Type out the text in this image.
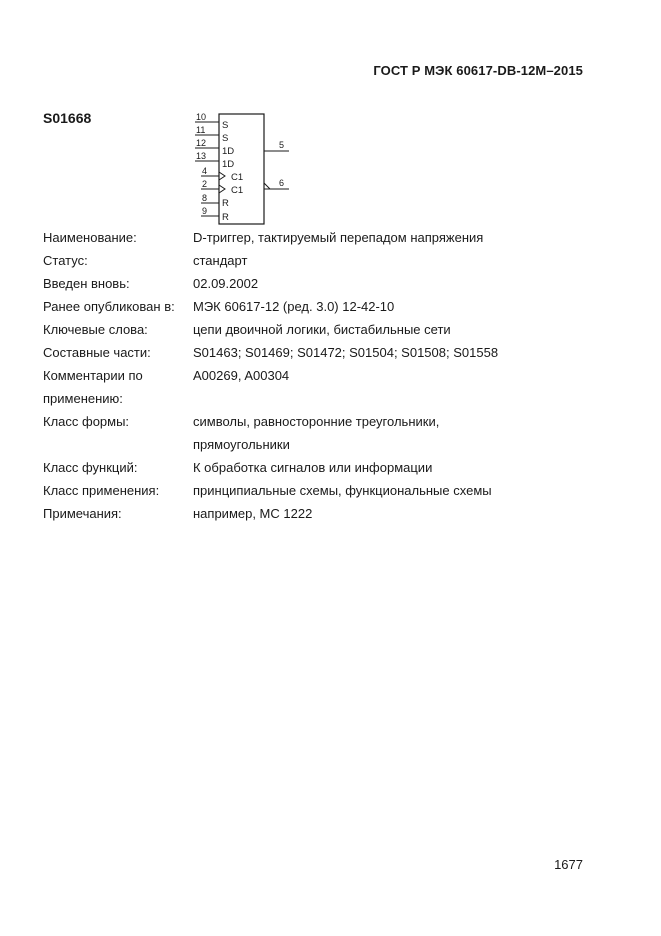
ГОСТ Р МЭК 60617-DB-12M–2015
S01668	10
11
12
13
4
2
8
9
5
6
S
S
1D
1D
C1
C1
R
R
Наименование:	D-триггер, тактируемый перепадом напряжения
Статус:	стандарт
Введен вновь:	02.09.2002
Ранее опубликован в:	МЭК 60617-12 (ред. 3.0) 12-42-10
Ключевые слова:	цепи двоичной логики, бистабильные сети
Составные части:	S01463; S01469; S01472; S01504; S01508; S01558
Комментарии по	A00269, A00304
применению:	
Класс формы:	символы, равносторонние треугольники,
	прямоугольники
Класс функций:	К обработка сигналов или информации
Класс применения:	принципиальные схемы, функциональные схемы
Примечания:	например, МС 1222
1677
